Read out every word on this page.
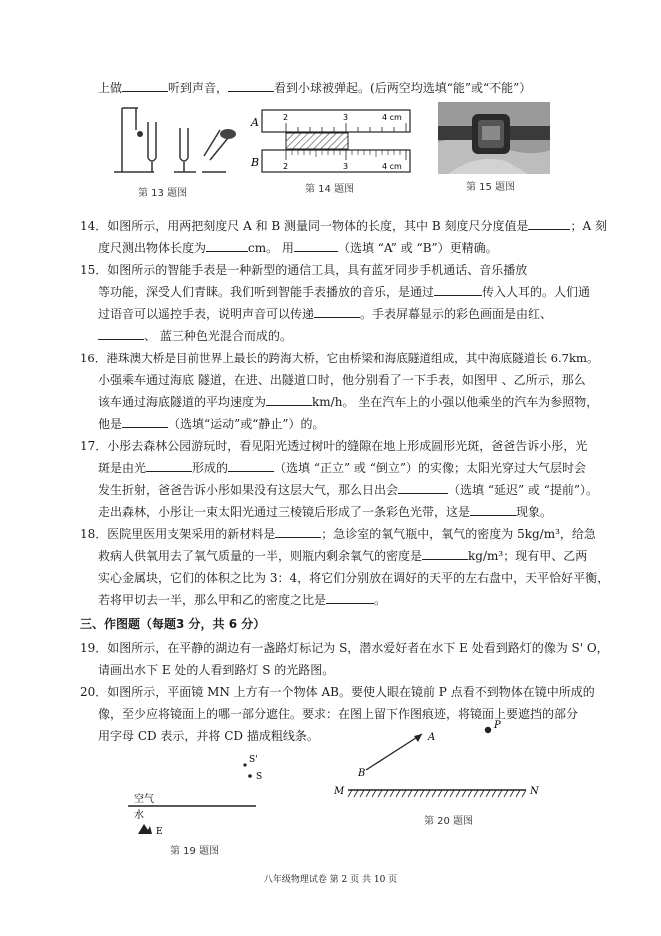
上做	听到声音，	看到小球被弹起。(后两空均选填“能”或“不能”）
第 13 题图
A
B
2	3	4 cm
2	3	4 cm
第 14 题图	第 15 题图
14．如图所示，用两把刻度尺 A 和 B 测量同一物体的长度，其中 B 刻度尺分度值是	；A 刻
度尺测出物体长度为	cm。 用	（选填 “A” 或 “B”）更精确。
15．如图所示的智能手表是一种新型的通信工具，具有蓝牙同步手机通话、音乐播放
等功能，深受人们青睐。我们听到智能手表播放的音乐，是通过	传入人耳的。人们通
过语音可以遥控手表，说明声音可以传递	。手表屏幕显示的彩色画面是由红、
、 蓝三种色光混合而成的。
16．港珠澳大桥是目前世界上最长的跨海大桥，它由桥梁和海底隧道组成，其中海底隧道长 6.7km。
小强乘车通过海底 隧道，在进、出隧道口时，他分别看了一下手表，如图甲 、乙所示，那么
该车通过海底隧道的平均速度为	km/h。 坐在汽车上的小强以他乘坐的汽车为参照物，
他是	（选填“运动”或“静止”）的。
17．小彤去森林公园游玩时，看见阳光透过树叶的缝隙在地上形成圆形光斑，爸爸告诉小彤，光
斑是由光	形成的	（选填 “正立” 或 “倒立”）的实像；太阳光穿过大气层时会
发生折射，爸爸告诉小彤如果没有这层大气，那么日出会	（选填 “延迟” 或 “提前”）。
走出森林，小彤让一束太阳光通过三棱镜后形成了一条彩色光带，这是	现象。
18．医院里医用支架采用的新材料是	；急诊室的氧气瓶中，氧气的密度为 5kg/m³，给急
救病人供氧用去了氧气质量的一半，则瓶内剩余氧气的密度是	kg/m³；现有甲、乙两
实心金属块，它们的体积之比为 3：4，将它们分别放在调好的天平的左右盘中，天平恰好平衡，
若将甲切去一半，那么甲和乙的密度之比是	。
三、作图题（每题3 分，共 6 分）
19．如图所示，在平静的湖边有一盏路灯标记为 S，潜水爱好者在水下 E 处看到路灯的像为 S' O，
请画出水下 E 处的人看到路灯 S 的光路图。
20．如图所示，平面镜 MN 上方有一个物体 AB。要使人眼在镜前 P 点看不到物体在镜中所成的
像，至少应将镜面上的哪一部分遮住。要求：在图上留下作图痕迹，将镜面上要遮挡的部分
用字母 CD 表示，并将 CD 描成粗线条。
S'
S
空气
水
E
第 19 题图
A
B
P
M	N
第 20 题图
八年级物理试卷 第 2 页 共 10 页
